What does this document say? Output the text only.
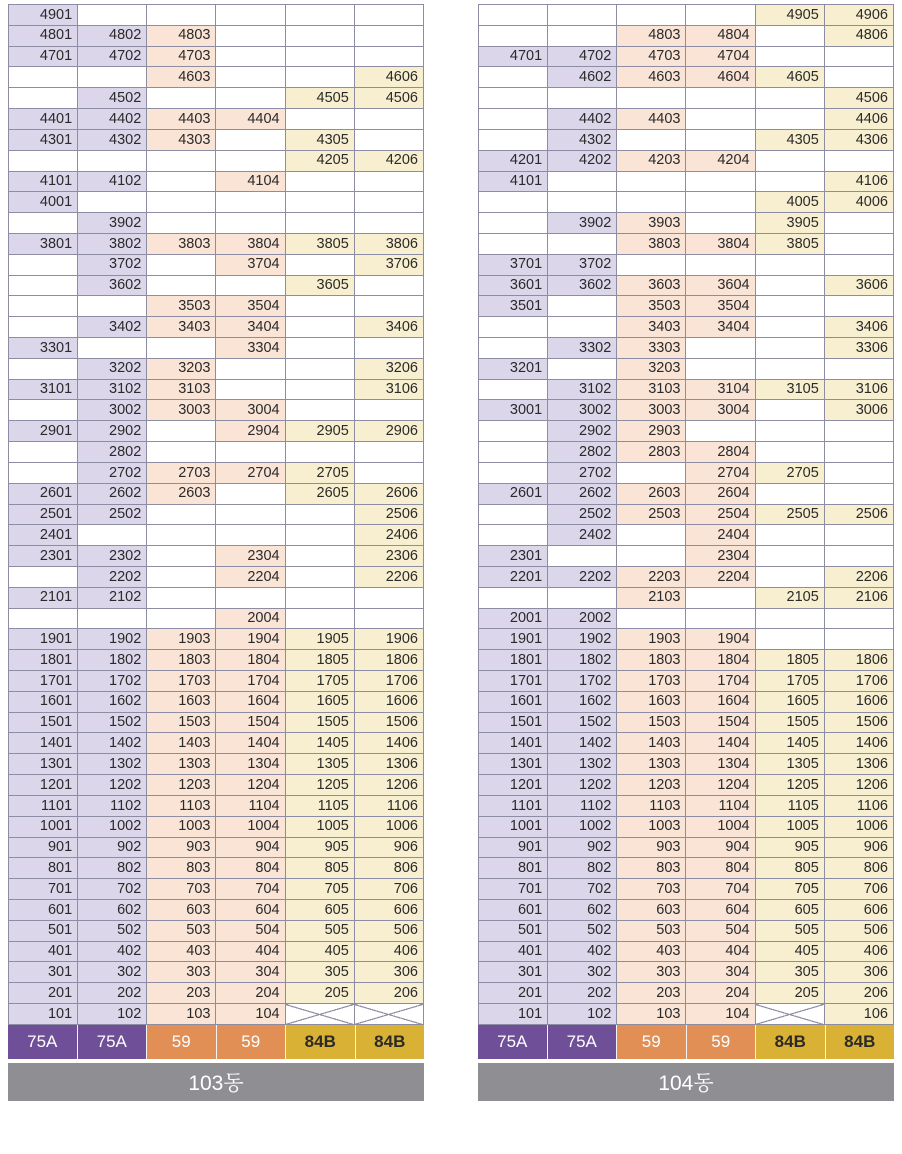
4901					
4801	4802	4803			
4701	4702	4703			
		4603			4606
	4502			4505	4506
4401	4402	4403	4404		
4301	4302	4303		4305	
				4205	4206
4101	4102		4104		
4001					
	3902				
3801	3802	3803	3804	3805	3806
	3702		3704		3706
	3602			3605	
		3503	3504		
	3402	3403	3404		3406
3301			3304		
	3202	3203			3206
3101	3102	3103			3106
	3002	3003	3004		
2901	2902		2904	2905	2906
	2802				
	2702	2703	2704	2705	
2601	2602	2603		2605	2606
2501	2502				2506
2401					2406
2301	2302		2304		2306
	2202		2204		2206
2101	2102				
			2004		
1901	1902	1903	1904	1905	1906
1801	1802	1803	1804	1805	1806
1701	1702	1703	1704	1705	1706
1601	1602	1603	1604	1605	1606
1501	1502	1503	1504	1505	1506
1401	1402	1403	1404	1405	1406
1301	1302	1303	1304	1305	1306
1201	1202	1203	1204	1205	1206
1101	1102	1103	1104	1105	1106
1001	1002	1003	1004	1005	1006
901	902	903	904	905	906
801	802	803	804	805	806
701	702	703	704	705	706
601	602	603	604	605	606
501	502	503	504	505	506
401	402	403	404	405	406
301	302	303	304	305	306
201	202	203	204	205	206
101	102	103	104		
75A	75A	59	59	84B	84B
103동
				4905	4906
		4803	4804		4806
4701	4702	4703	4704		
	4602	4603	4604	4605	
					4506
	4402	4403			4406
	4302			4305	4306
4201	4202	4203	4204		
4101					4106
				4005	4006
	3902	3903		3905	
		3803	3804	3805	
3701	3702				
3601	3602	3603	3604		3606
3501		3503	3504		
		3403	3404		3406
	3302	3303			3306
3201		3203			
	3102	3103	3104	3105	3106
3001	3002	3003	3004		3006
	2902	2903			
	2802	2803	2804		
	2702		2704	2705	
2601	2602	2603	2604		
	2502	2503	2504	2505	2506
	2402		2404		
2301			2304		
2201	2202	2203	2204		2206
		2103		2105	2106
2001	2002				
1901	1902	1903	1904		
1801	1802	1803	1804	1805	1806
1701	1702	1703	1704	1705	1706
1601	1602	1603	1604	1605	1606
1501	1502	1503	1504	1505	1506
1401	1402	1403	1404	1405	1406
1301	1302	1303	1304	1305	1306
1201	1202	1203	1204	1205	1206
1101	1102	1103	1104	1105	1106
1001	1002	1003	1004	1005	1006
901	902	903	904	905	906
801	802	803	804	805	806
701	702	703	704	705	706
601	602	603	604	605	606
501	502	503	504	505	506
401	402	403	404	405	406
301	302	303	304	305	306
201	202	203	204	205	206
101	102	103	104		106
75A	75A	59	59	84B	84B
104동
